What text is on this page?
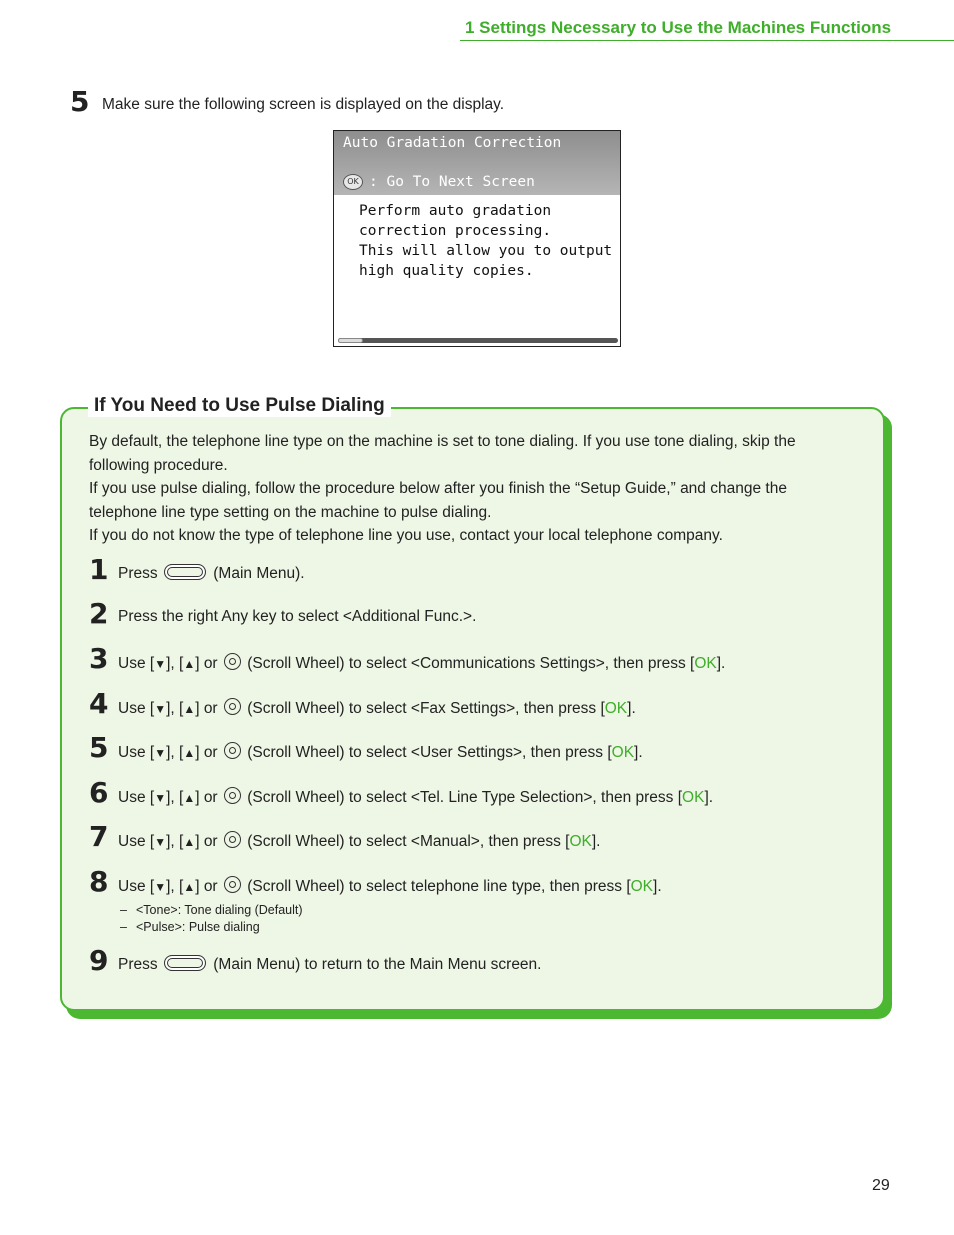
1 Settings Necessary to Use the Machines Functions
5 Make sure the following screen is displayed on the display.
Auto Gradation Correction
OK : Go To Next Screen
Perform auto gradation
correction processing.
This will allow you to output
high quality copies.
If You Need to Use Pulse Dialing

By default, the telephone line type on the machine is set to tone dialing. If you use tone dialing, skip the following procedure.

If you use pulse dialing, follow the procedure below after you finish the “Setup Guide,” and change the telephone line type setting on the machine to pulse dialing.

If you do not know the type of telephone line you use, contact your local telephone company.

1 Press	(Main Menu).
2 Press the right Any key to select <Additional Func.>.
3 Use [▼], [▲] or (Scroll Wheel) to select <Communications Settings>, then press [OK].
4 Use [▼], [▲] or (Scroll Wheel) to select <Fax Settings>, then press [OK].
5 Use [▼], [▲] or (Scroll Wheel) to select <User Settings>, then press [OK].
6 Use [▼], [▲] or (Scroll Wheel) to select <Tel. Line Type Selection>, then press [OK].
7 Use [▼], [▲] or (Scroll Wheel) to select <Manual>, then press [OK].
8 Use [▼], [▲] or (Scroll Wheel) to select telephone line type, then press [OK].
– <Tone>: Tone dialing (Default)
– <Pulse>: Pulse dialing
9 Press	(Main Menu) to return to the Main Menu screen.
29
